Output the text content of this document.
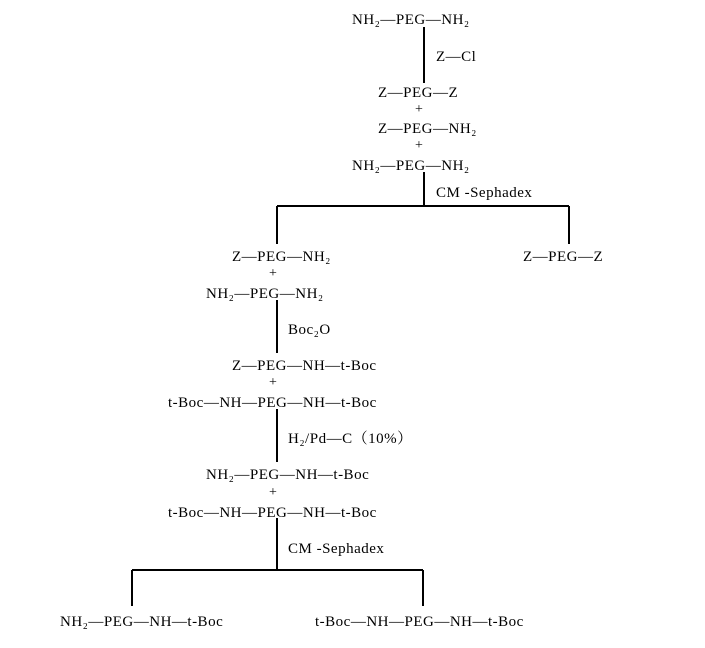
NH₂—PEG—NH₂
Z—Cl
Z—PEG—Z
+
Z—PEG—NH₂
+
NH₂—PEG—NH₂
CM -Sephadex
Z—PEG—NH₂
+
NH₂—PEG—NH₂
Z—PEG—Z
Boc₂O
Z—PEG—NH—t-Boc
+
t-Boc—NH—PEG—NH—t-Boc
H₂/Pd—C（10%）
NH₂—PEG—NH—t-Boc
+
t-Boc—NH—PEG—NH—t-Boc
CM -Sephadex
NH₂—PEG—NH—t-Boc	t-Boc—NH—PEG—NH—t-Boc
